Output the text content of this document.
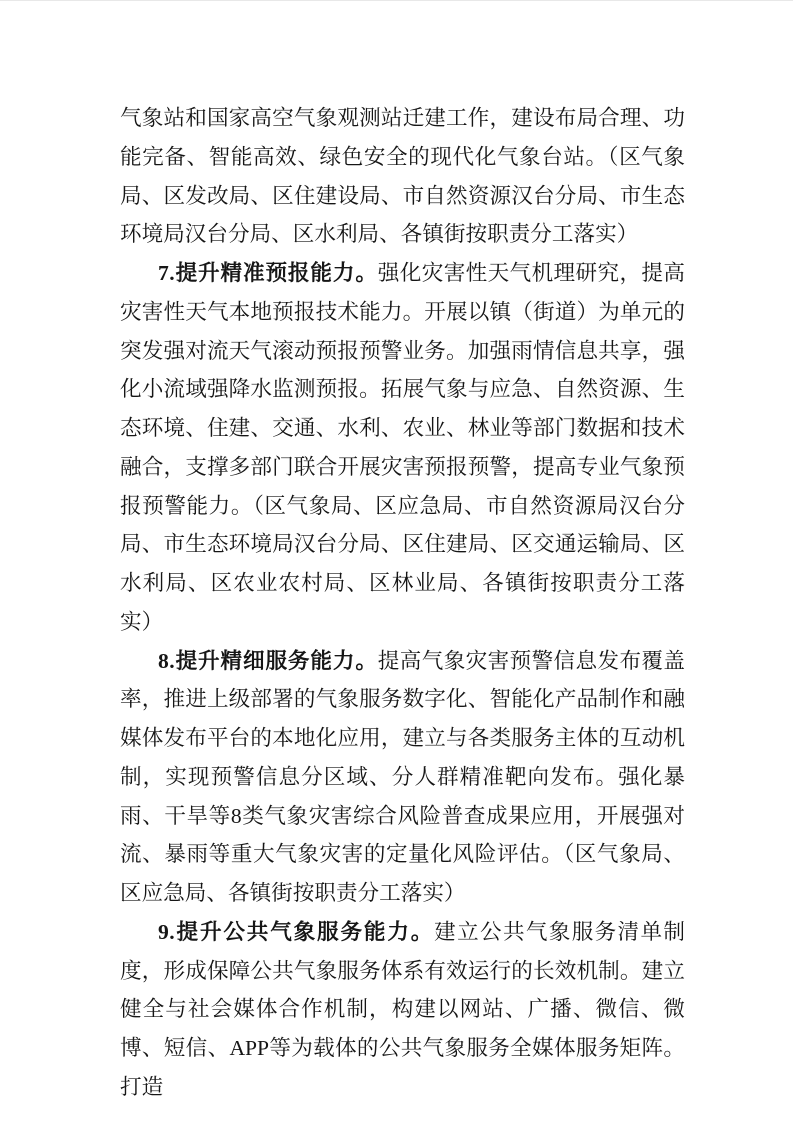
气象站和国家高空气象观测站迁建工作，建设布局合理、功能完备、智能高效、绿色安全的现代化气象台站。（区气象局、区发改局、区住建设局、市自然资源汉台分局、市生态环境局汉台分局、区水利局、各镇街按职责分工落实）

7.提升精准预报能力。强化灾害性天气机理研究，提高灾害性天气本地预报技术能力。开展以镇（街道）为单元的突发强对流天气滚动预报预警业务。加强雨情信息共享，强化小流域强降水监测预报。拓展气象与应急、自然资源、生态环境、住建、交通、水利、农业、林业等部门数据和技术融合，支撑多部门联合开展灾害预报预警，提高专业气象预报预警能力。（区气象局、区应急局、市自然资源局汉台分局、市生态环境局汉台分局、区住建局、区交通运输局、区水利局、区农业农村局、区林业局、各镇街按职责分工落实）

8.提升精细服务能力。提高气象灾害预警信息发布覆盖率，推进上级部署的气象服务数字化、智能化产品制作和融媒体发布平台的本地化应用，建立与各类服务主体的互动机制，实现预警信息分区域、分人群精准靶向发布。强化暴雨、干旱等8类气象灾害综合风险普查成果应用，开展强对流、暴雨等重大气象灾害的定量化风险评估。（区气象局、区应急局、各镇街按职责分工落实）

9.提升公共气象服务能力。建立公共气象服务清单制度，形成保障公共气象服务体系有效运行的长效机制。建立健全与社会媒体合作机制，构建以网站、广播、微信、微博、短信、APP等为载体的公共气象服务全媒体服务矩阵。打造
